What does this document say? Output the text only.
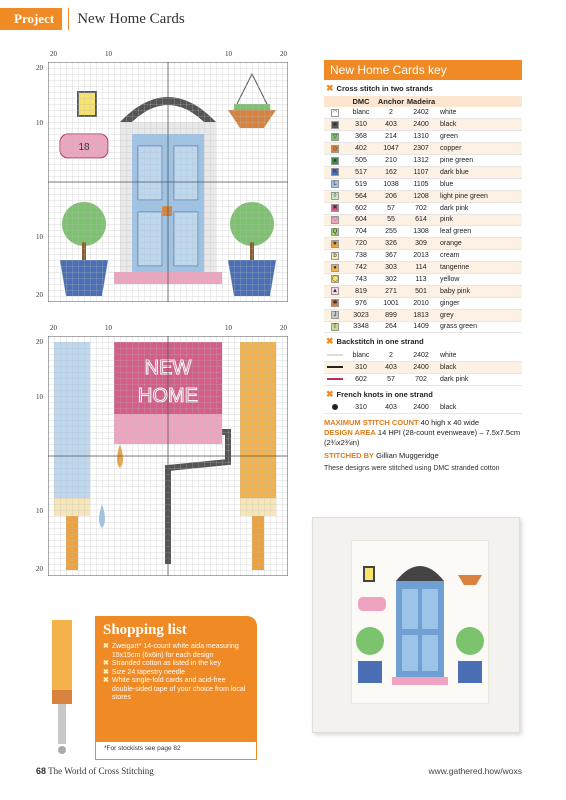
Project	New Home Cards
20	10	10	20
20
10
10
20
20	10	10	20
20
10
10
20
New Home Cards key
✖ Cross stitch in two strands
	DMC	Anchor	Madeira	
◠	blanc	2	2402	white
■	310	403	2400	black
▽	368	214	1310	green
◇	402	1047	2307	copper
♦	505	210	1312	pine green
K	517	162	1107	dark blue
L	519	1038	1105	blue
◊	564	206	1208	light pine green
✖	602	57	702	dark pink
♡	604	55	614	pink
Q	704	255	1308	leaf green
★	720	326	309	orange
b	738	367	2013	cream
●	742	303	114	tangerine
◯	743	302	113	yellow
▲	819	271	501	baby pink
✱	976	1001	2010	ginger
J	3023	899	1813	grey
T	3348	264	1409	grass green
✖ Backstitch in one strand
	blanc	2	2402	white
	310	403	2400	black
	602	57	702	dark pink
✖ French knots in one strand
	310	403	2400	black
MAXIMUM STITCH COUNT 40 high x 40 wide
DESIGN AREA 14 HPI (28-count evenweave) – 7.5x7.5cm (2¾x2¾in)
STITCHED BY Gillian Muggeridge
These designs were stitched using DMC stranded cotton
Shopping list
✖ Zweigart* 14-count white aida measuring 15x15cm (6x6in) for each design
✖ Stranded cotton as listed in the key
✖ Size 24 tapestry needle
✖ White single-fold cards and acid-free double-sided tape of your choice from local stores
*For stockists see page 82
68 The World of Cross Stitching	www.gathered.how/woxs
